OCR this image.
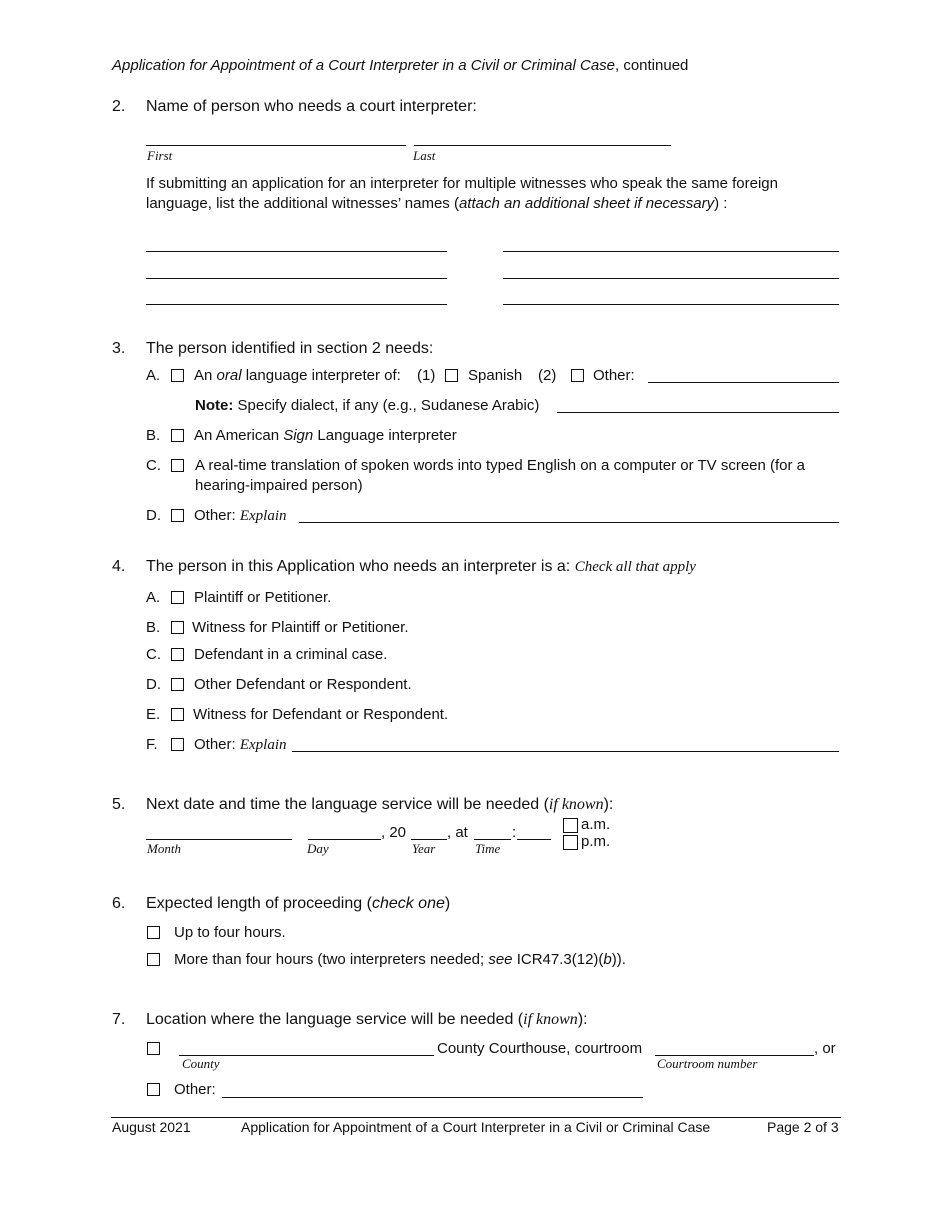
Application for Appointment of a Court Interpreter in a Civil or Criminal Case, continued
2. Name of person who needs a court interpreter:
First	Last
If submitting an application for an interpreter for multiple witnesses who speak the same foreign
language, list the additional witnesses’ names (attach an additional sheet if necessary) :
3. The person identified in section 2 needs:
A. An oral language interpreter of: (1) Spanish (2) Other:
Note: Specify dialect, if any (e.g., Sudanese Arabic)
B. An American Sign Language interpreter
C. A real-time translation of spoken words into typed English on a computer or TV screen (for a
hearing-impaired person)
D. Other: Explain
4. The person in this Application who needs an interpreter is a: Check all that apply
A. Plaintiff or Petitioner.
B. Witness for Plaintiff or Petitioner.
C. Defendant in a criminal case.
D. Other Defendant or Respondent.
E. Witness for Defendant or Respondent.
F. Other: Explain
5. Next date and time the language service will be needed (if known):
, 20	, at	:	a.m.
p.m.
Month	Day	Year	Time
6. Expected length of proceeding (check one)
Up to four hours.
More than four hours (two interpreters needed; see ICR47.3(12)(b)).
7. Location where the language service will be needed (if known):
County Courthouse, courtroom	, or
County	Courtroom number
Other:
August 2021	Application for Appointment of a Court Interpreter in a Civil or Criminal Case	Page 2 of 3
